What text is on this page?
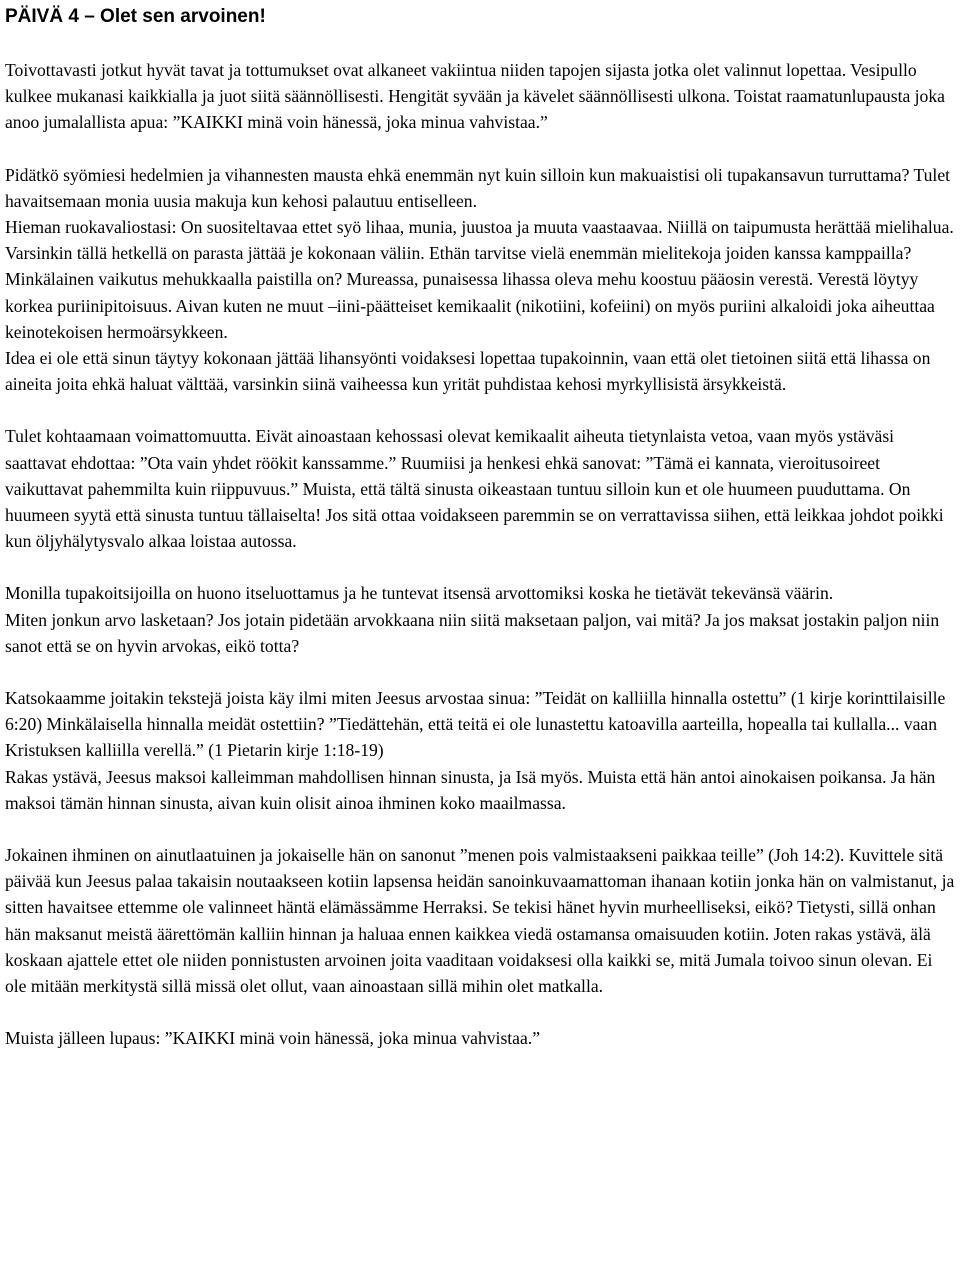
PÄIVÄ 4 – Olet sen arvoinen!
Toivottavasti jotkut hyvät tavat ja tottumukset ovat alkaneet vakiintua niiden tapojen sijasta jotka olet valinnut lopettaa. Vesipullo kulkee mukanasi kaikkialla ja juot siitä säännöllisesti. Hengität syvään ja kävelet säännöllisesti ulkona. Toistat raamatunlupausta joka anoo jumalallista apua: ”KAIKKI minä voin hänessä, joka minua vahvistaa.”
Pidätkö syömiesi hedelmien ja vihannesten mausta ehkä enemmän nyt kuin silloin kun makuaistisi oli tupakansavun turruttama? Tulet havaitsemaan monia uusia makuja kun kehosi palautuu entiselleen.
Hieman ruokavaliostasi: On suositeltavaa ettet syö lihaa, munia, juustoa ja muuta vaastaavaa. Niillä on taipumusta herättää mielihalua. Varsinkin tällä hetkellä on parasta jättää je kokonaan väliin. Ethän tarvitse vielä enemmän mielitekoja joiden kanssa kamppailla?
Minkälainen vaikutus mehukkaalla paistilla on? Mureassa, punaisessa lihassa oleva mehu koostuu pääosin verestä. Verestä löytyy korkea puriinipitoisuus. Aivan kuten ne muut –iini-päätteiset kemikaalit (nikotiini, kofeiini) on myös puriini alkaloidi joka aiheuttaa keinotekoisen hermoärsykkeen.
Idea ei ole että sinun täytyy kokonaan jättää lihansyönti voidaksesi lopettaa tupakoinnin, vaan että olet tietoinen siitä että lihassa on aineita joita ehkä haluat välttää, varsinkin siinä vaiheessa kun yrität puhdistaa kehosi myrkyllisistä ärsykkeistä.
Tulet kohtaamaan voimattomuutta. Eivät ainoastaan kehossasi olevat kemikaalit aiheuta tietynlaista vetoa, vaan myös ystäväsi saattavat ehdottaa: ”Ota vain yhdet röökit kanssamme.” Ruumiisi ja henkesi ehkä sanovat: ”Tämä ei kannata, vieroitusoireet vaikuttavat pahemmilta kuin riippuvuus.” Muista, että tältä sinusta oikeastaan tuntuu silloin kun et ole huumeen puuduttama. On huumeen syytä että sinusta tuntuu tällaiselta! Jos sitä ottaa voidakseen paremmin se on verrattavissa siihen, että leikkaa johdot poikki kun öljyhälytysvalo alkaa loistaa autossa.
Monilla tupakoitsijoilla on huono itseluottamus ja he tuntevat itsensä arvottomiksi koska he tietävät tekevänsä väärin.
Miten jonkun arvo lasketaan? Jos jotain pidetään arvokkaana niin siitä maksetaan paljon, vai mitä? Ja jos maksat jostakin paljon niin sanot että se on hyvin arvokas, eikö totta?
Katsokaamme joitakin tekstejä joista käy ilmi miten Jeesus arvostaa sinua: ”Teidät on kalliilla hinnalla ostettu” (1 kirje korinttilaisille 6:20) Minkälaisella hinnalla meidät ostettiin? ”Tiedättehän, että teitä ei ole lunastettu katoavilla aarteilla, hopealla tai kullalla... vaan Kristuksen kalliilla verellä.” (1 Pietarin kirje 1:18-19)
Rakas ystävä, Jeesus maksoi kalleimman mahdollisen hinnan sinusta, ja Isä myös. Muista että hän antoi ainokaisen poikansa. Ja hän maksoi tämän hinnan sinusta, aivan kuin olisit ainoa ihminen koko maailmassa.
Jokainen ihminen on ainutlaatuinen ja jokaiselle hän on sanonut ”menen pois valmistaakseni paikkaa teille” (Joh 14:2). Kuvittele sitä päivää kun Jeesus palaa takaisin noutaakseen kotiin lapsensa heidän sanoinkuvaamattoman ihanaan kotiin jonka hän on valmistanut, ja sitten havaitsee ettemme ole valinneet häntä elämässämme Herraksi. Se tekisi hänet hyvin murheelliseksi, eikö? Tietysti, sillä onhan hän maksanut meistä äärettömän kalliin hinnan ja haluaa ennen kaikkea viedä ostamansa omaisuuden kotiin. Joten rakas ystävä, älä koskaan ajattele ettet ole niiden ponnistusten arvoinen joita vaaditaan voidaksesi olla kaikki se, mitä Jumala toivoo sinun olevan. Ei ole mitään merkitystä sillä missä olet ollut, vaan ainoastaan sillä mihin olet matkalla.
Muista jälleen lupaus: ”KAIKKI minä voin hänessä, joka minua vahvistaa.”
